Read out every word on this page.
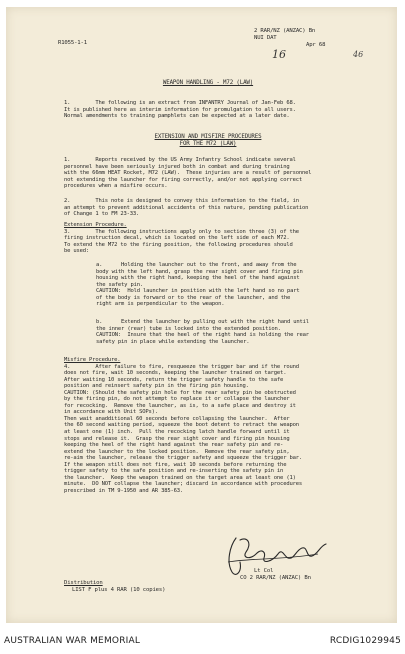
R1055-1-1
2 RAR/NZ (ANZAC) Bn
NUI DAT
Apr 68
16	46
WEAPON HANDLING - M72 (LAW)
1.        The following is an extract from INFANTRY Journal of Jan-Feb 68.
It is published here as interim information for promulgation to all users.
Normal amendments to training pamphlets can be expected at a later date.
EXTENSION AND MISFIRE PROCEDURES
FOR THE M72 (LAW)
1.        Reports received by the US Army Infantry School indicate several
personnel have been seriously injured both in combat and during training
with the 66mm HEAT Rocket, M72 (LAW).  These injuries are a result of personnel
not extending the launcher for firing correctly, and/or not applying correct
procedures when a misfire occurs.
2.        This note is designed to convey this information to the field, in
an attempt to prevent additional accidents of this nature, pending publication
of Change 1 to FM 23-33.
Extension Procedure.
3.        The following instructions apply only to section three (3) of the
firing instruction decal, which is located on the left side of each M72.
To extend the M72 to the firing position, the following procedures should
be used:
a.      Holding the launcher out to the front, and away from the
body with the left hand, grasp the rear sight cover and firing pin
housing with the right hand, keeping the heel of the hand against
the safety pin.
CAUTION:  Hold launcher in position with the left hand so no part
of the body is forward or to the rear of the launcher, and the
right arm is perpendicular to the weapon.
b.      Extend the launcher by pulling out with the right hand until
the inner (rear) tube is locked into the extended position.
CAUTION:  Insure that the heel of the right hand is holding the rear
safety pin in place while extending the launcher.
Misfire Procedure.
4.        After failure to fire, resqueeze the trigger bar and if the round
does not fire, wait 10 seconds, keeping the launcher trained on target.
After waiting 10 seconds, return the trigger safety handle to the safe
position and reinsert safety pin in the firing pin housing.
CAUTION: (Should the safety pin hole for the rear safety pin be obstructed
by the firing pin, do not attempt to replace it or collapse the launcher
for recocking.  Remove the launcher, as is, to a safe place and destroy it
in accordance with Unit SOPs).
Then wait anadditional 60 seconds before collapsing the launcher.  After
the 60 second waiting period, squeeze the boot detent to retract the weapon
at least one (1) inch.  Pull the recocking latch handle forward until it
stops and release it.  Grasp the rear sight cover and firing pin housing
keeping the heel of the right hand against the rear safety pin and re-
extend the launcher to the locked position.  Remove the rear safety pin,
re-aim the launcher, release the trigger safety and squeeze the trigger bar.
If the weapon still does not fire, wait 10 seconds before returning the
trigger safety to the safe position and re-inserting the safety pin in
the launcher.  Keep the weapon trained on the target area at least one (1)
minute.  DO NOT collapse the launcher; discard in accordance with procedures
prescribed in TM 9-1950 and AR 385-63.
Lt Col
CO 2 RAR/NZ (ANZAC) Bn
Distribution
LIST F plus 4 RAR (10 copies)
AUSTRALIAN WAR MEMORIAL	RCDIG1029945
